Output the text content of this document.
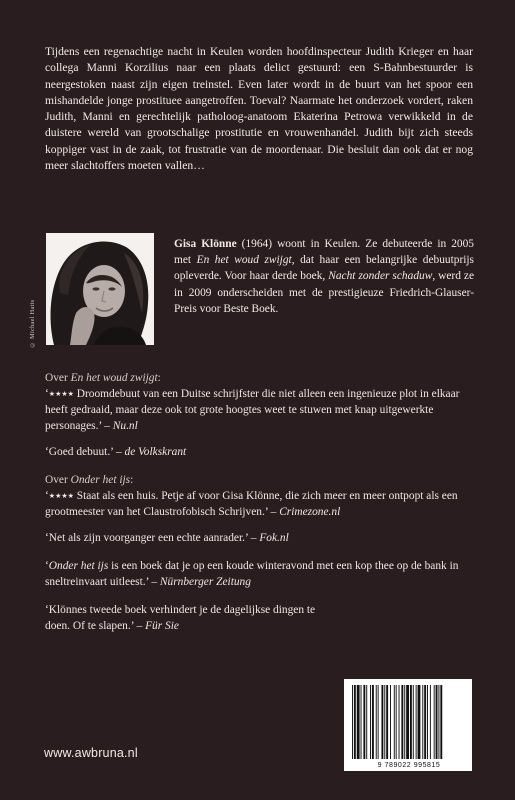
Tijdens een regenachtige nacht in Keulen worden hoofdinspecteur Judith Krieger en haar collega Manni Korzilius naar een plaats delict gestuurd: een S-Bahnbestuurder is neergestoken naast zijn eigen treinstel. Even later wordt in de buurt van het spoor een mishandelde jonge prostituee aangetroffen. Toeval? Naarmate het onderzoek vordert, raken Judith, Manni en gerechtelijk patholoog-anatoom Ekaterina Petrowa verwikkeld in de duistere wereld van grootschalige prostitutie en vrouwenhandel. Judith bijt zich steeds koppiger vast in de zaak, tot frustratie van de moordenaar. Die besluit dan ook dat er nog meer slachtoffers moeten vallen…

© Michael Hatis
Gisa Klönne (1964) woont in Keulen. Ze debuteerde in 2005 met En het woud zwijgt, dat haar een belangrijke debuutprijs opleverde. Voor haar derde boek, Nacht zonder schaduw, werd ze in 2009 onderscheiden met de prestigieuze Friedrich-Glauser-Preis voor Beste Boek.
Over En het woud zwijgt:
‘★★★★ Droomdebuut van een Duitse schrijfster die niet alleen een ingenieuze plot in elkaar heeft gedraaid, maar deze ook tot grote hoogtes weet te stuwen met knap uitgewerkte personages.’ – Nu.nl
‘Goed debuut.’ – de Volkskrant
Over Onder het ijs:
‘★★★★ Staat als een huis. Petje af voor Gisa Klönne, die zich meer en meer ontpopt als een grootmeester van het Claustrofobisch Schrijven.’ – Crimezone.nl
‘Net als zijn voorganger een echte aanrader.’ – Fok.nl
‘Onder het ijs is een boek dat je op een koude winteravond met een kop thee op de bank in sneltreinvaart uitleest.’ – Nürnberger Zeitung
‘Klönnes tweede boek verhindert je de dagelijkse dingen te doen. Of te slapen.’ – Für Sie
www.awbruna.nl
9 789022 995815
